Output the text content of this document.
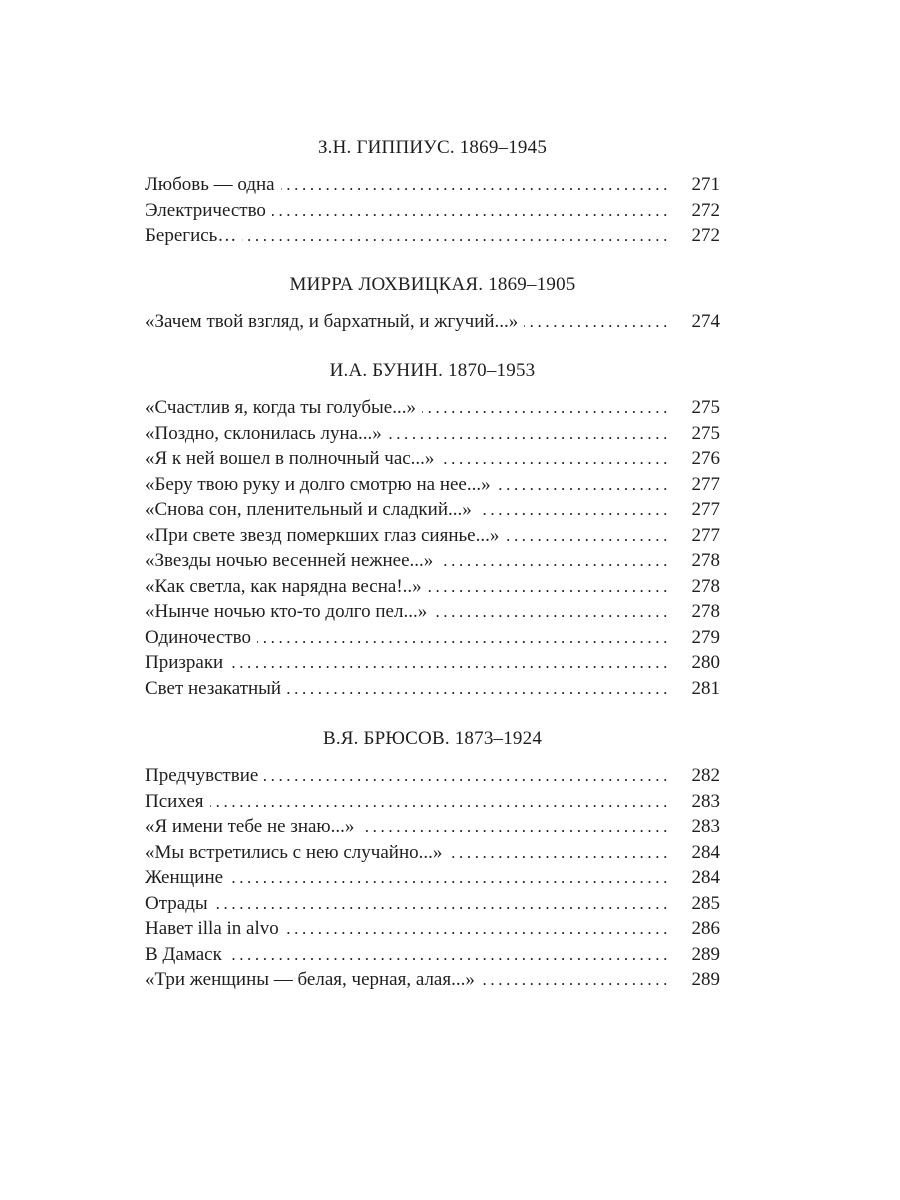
З.Н. ГИППИУС. 1869–1945
Любовь — одна .....	271
Электричество .....	272
Берегись… .....	272
МИРРА ЛОХВИЦКАЯ. 1869–1905
«Зачем твой взгляд, и бархатный, и жгучий...» .....	274
И.А. БУНИН. 1870–1953
«Счастлив я, когда ты голубые...» .....	275
«Поздно, склонилась луна...» .....	275
«Я к ней вошел в полночный час...» .....	276
«Беру твою руку и долго смотрю на нее...» .....	277
«Снова сон, пленительный и сладкий...» .....	277
«При свете звезд померкших глаз сиянье...» .....	277
«Звезды ночью весенней нежнее...» .....	278
«Как светла, как нарядна весна!..» .....	278
«Нынче ночью кто-то долго пел...» .....	278
Одиночество .....	279
Призраки .....	280
Свет незакатный .....	281
В.Я. БРЮСОВ. 1873–1924
Предчувствие .....	282
Психея .....	283
«Я имени тебе не знаю...» .....	283
«Мы встретились с нею случайно...» .....	284
Женщине .....	284
Отрады .....	285
Навет illa in alvo .....	286
В Дамаск .....	289
«Три женщины — белая, черная, алая...» .....	289
